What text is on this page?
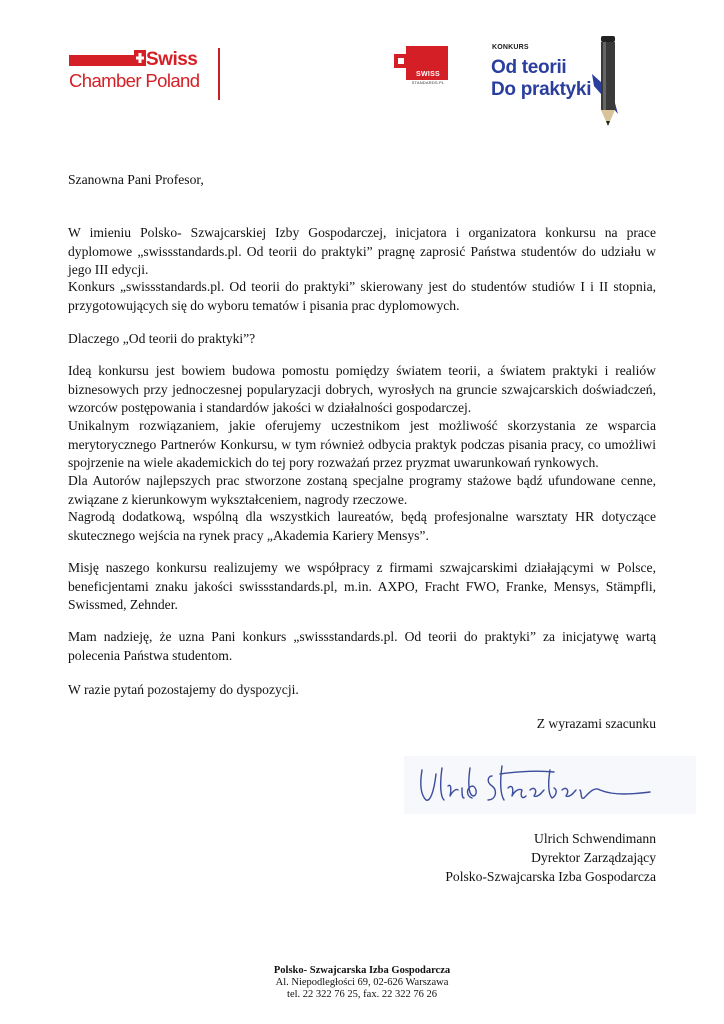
Swiss
Chamber Poland	SWISS
STANDARDS.PL
KONKURS
Od teorii
Do praktyki
Szanowna Pani Profesor,
W imieniu Polsko- Szwajcarskiej Izby Gospodarczej, inicjatora i organizatora konkursu na prace dyplomowe „swissstandards.pl. Od teorii do praktyki” pragnę zaprosić Państwa studentów do udziału w jego III edycji.
Konkurs „swissstandards.pl. Od teorii do praktyki” skierowany jest do studentów studiów I i II stopnia, przygotowujących się do wyboru tematów i pisania prac dyplomowych.
Dlaczego „Od teorii do praktyki”?
Ideą konkursu jest bowiem budowa pomostu pomiędzy światem teorii, a światem praktyki i realiów biznesowych przy jednoczesnej popularyzacji dobrych, wyrosłych na gruncie szwajcarskich doświadczeń, wzorców postępowania i standardów jakości w działalności gospodarczej.
Unikalnym rozwiązaniem, jakie oferujemy uczestnikom jest możliwość skorzystania ze wsparcia merytorycznego Partnerów Konkursu, w tym również odbycia praktyk podczas pisania pracy, co umożliwi spojrzenie na wiele akademickich do tej pory rozważań przez pryzmat uwarunkowań rynkowych.
Dla Autorów najlepszych prac stworzone zostaną specjalne programy stażowe bądź ufundowane cenne, związane z kierunkowym wykształceniem, nagrody rzeczowe.
Nagrodą dodatkową, wspólną dla wszystkich laureatów, będą profesjonalne warsztaty HR dotyczące skutecznego wejścia na rynek pracy „Akademia Kariery Mensys”.
Misję naszego konkursu realizujemy we współpracy z firmami szwajcarskimi działającymi w Polsce, beneficjentami znaku jakości swissstandards.pl, m.in. AXPO, Fracht FWO, Franke, Mensys, Stämpfli, Swissmed, Zehnder.
Mam nadzieję, że uzna Pani konkurs „swissstandards.pl. Od teorii do praktyki” za inicjatywę wartą polecenia Państwa studentom.
W razie pytań pozostajemy do dyspozycji.
Z wyrazami szacunku
Ulrich Schwendimann
Dyrektor Zarządzający
Polsko-Szwajcarska Izba Gospodarcza
Polsko- Szwajcarska Izba Gospodarcza
Al. Niepodległości 69, 02-626 Warszawa
tel. 22 322 76 25, fax. 22 322 76 26
